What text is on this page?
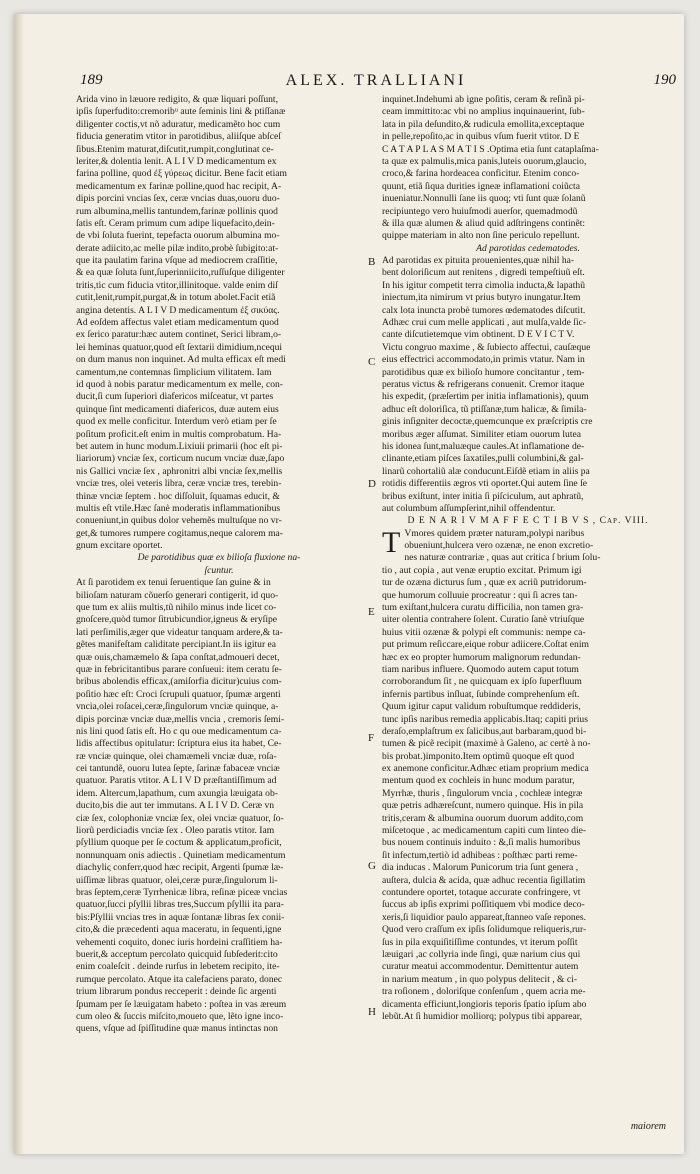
189	ALEX. TRALLIANI	190
Arida vino in læuore redigito, & quæ liquari poſſunt,
ipſis ſuperfudito:cremoribᵘ aute ſeminis lini & ptiſſanæ
diligenter coctis,vt nõ aduratur, medicamẽto hoc cum
fiducia generatim vtitor in parotidibus, aliiſque abſceſ
ſibus.Etenim maturat,diſcutit,rumpit,conglutinat ce-
leriter,& dolentia lenit. A L I V D medicamentum ex
farina polline, quod ἐξ γύρεως dicitur. Bene facit etiam
medicamentum ex farinæ polline,quod hac recipit, A-
dipis porcini vncias ſex, ceræ vncias duas,ouoru duo-
rum albumina,mellis tantundem,farinæ pollinis quod
ſatis eſt. Ceram primum cum adipe liquefacito,dein-
de vbi ſoluta fuerint, tepefacta ouorum albumina mo-
derate adiicito,ac melle pilæ indito,probè ſubigito:at-
que ita paulatim farina vſque ad mediocrem craſſitie,
& ea quæ ſoluta ſunt,ſuperinniicito,ruſſuſque diligenter
tritis,tic cum fiducia vtitor,illinitoque. valde enim diſ
cutit,lenit,rumpit,purgat,& in totum abolet.Facit etiã
angina detentis. A L I V D medicamentum ἐξ σικύας.
Ad eoſdem affectus valet etiam medicamentum quod
ex ſerico paratur:hæc autem continet, Serici libram,o-
lei heminas quatuor,quod eſt ſextarii dimidium,ncequi
on dum manus non inquinet. Ad multa efficax eſt medi
camentum,ne contemnas ſimplicium vilitatem. Iam
id quod à nobis paratur medicamentum ex melle, con-
ducit,ſi cum ſuperiori diafericos miſceatur, vt partes
quinque ſint medicamenti diafericos, duæ autem eius
quod ex melle conficitur. Interdum verò etiam per ſe
poſitum proficit.eſt enim in multis comprobatum. Ha-
bet autem in hunc modum.Lixiuii primarii (hoc eſt pi-
liariorum) vnciæ ſex, corticum nucum vnciæ duæ,ſapo
nis Gallici vnciæ ſex , aphronitri albi vnciæ ſex,mellis
vnciæ tres, olei veteris libra, ceræ vnciæ tres, terebin-
thinæ vnciæ ſeptem . hoc diſſoluit, ſquamas educit, &
multis eſt vtile.Hæc ſanè moderatis inflammationibus
conueniunt,in quibus dolor vehemẽs multuſque no vr-
get,& tumores rumpere cogitamus,neque calorem ma-
gnum excitare oportet.
De parotidibus quæ ex bilioſa fluxione na-
ſcuntur.
At ſi parotidem ex tenui ſeruentique ſan guine & in
bilioſam naturam cõuerſo generari contigerit, id quo-
que tum ex aliis multis,tũ nihilo minus inde licet co-
gnoſcere,quòd tumor ſitrubicundior,igneus & eryſipe
lati perſimilis,æger que videatur tanquam ardere,& ta-
gẽtes manifeſtam caliditate percipiant.In iis igitur ea
quæ ouis,chamæmelo & ſapa conſtat,admoueri decet,
quæ in febricitantibus parare conſueui: item ceratu ſe-
bribus abolendis efficax,(amiſorfia dicitur)cuius com-
poſitio hæc eſt: Croci ſcrupuli quatuor, ſpumæ argenti
vncia,olei roſacei,ceræ,ſingulorum vnciæ quinque, a-
dipis porcinæ vnciæ duæ,mellis vncia , cremoris ſemi-
nis lini quod ſatis eſt. Ho c qu oue medicamentum ca-
lidis affectibus opitulatur: ſcriptura eius ita habet, Ce-
ræ vnciæ quinque, olei chamæmeli vnciæ duæ, roſa-
cei tantundẽ, ouoru lutea ſepte, ſarinæ fabaceæ vnciæ
quatuor. Paratis vtitor. A L I V D præſtantiſſimum ad
idem. Altercum,lapathum, cum axungia læuigata ob-
ducito,bis die aut ter immutans. A L I V D. Ceræ vn
ciæ ſex, colophoniæ vnciæ ſex, olei vnciæ quatuor, ſo-
liorũ perdiciadis vnciæ ſex . Oleo paratis vtitor. Iam
pſyllium quoque per ſe coctum & applicatum,proficit,
nonnunquam onis adiectis . Quinetiam medicamentum
diachyliς conferr,quod hæc recipit, Argenti ſpumæ læ-
uiſſimæ libras quatuor, olei,ceræ puræ,ſingulorum li-
bras ſeptem,ceræ Tyrrhenicæ libra, reſinæ piceæ vncias
quatuor,ſucci pſyllii libras tres,Succum pſyllii ita para-
bis:Pſyllii vncias tres in aquæ ſontanæ libras ſex conii-
cito,& die præcedenti aqua maceratu, in ſequenti,igne
vehementi coquito, donec iuris hordeini craſſitiem ha-
buerit,& acceptum percolato quicquid ſubſederit:cito
enim coaleſcit . deinde rurſus in lebetem recipito, ite-
rumque percolato. Atque ita calefaciens parato, donec
trium librarum pondus recceperit : deinde ſic argenti
ſpumam per ſe læuigatam habeto : poſtea in vas æreum
cum oleo & ſuccis miſcito,moueto que, lẽto igne inco-
quens, vſque ad ſpiſſitudine quæ manus intinctas non
inquinet.Indehumi ab igne poſitis, ceram & reſinã pi-
ceam immittito:ac vbi no amplius inquinauerint, ſub-
lata in pila deſundito,& rudicula emollita,exceptaque
in pelle,repoſito,ac in quibus vſum fuerit vtitor. D E
C A T A P L A S M A T I S .Optima etia ſunt cataplaſma-
ta quæ ex palmulis,mica panis,luteis ouorum,glaucio,
croco,& farina hordeacea conficitur. Etenim conco-
quunt, etiã ſiqua durities igneæ inflamationi coiũcta
inueniatur.Nonnulli ſane iis quoq; vti ſunt quæ ſolanũ
recipiuntego vero huiuſmodi auerſor, quemadmodũ
& illa quæ alumen & aliud quid adſtringens continẽt:
quippe materiam in alto non ſine periculo repellunt.
Ad parotidas cedematodes.
Ad parotidas ex pituita prouenientes,quæ nihil ha-
bent doloriſicum aut renitens , digredi tempeſtiuũ eſt.
In his igitur competit terra cimolia inducta,& lapathũ
iniectum,ita nimirum vt prius butyro inungatur.Item
calx lota inuncta probè tumores œdematodes diſcutit.
Adhæc crui cum melle applicati , aut mulſa,valde ſic-
cante diſcutietemque vim obtinent. D E V I C T V.
Victu congruo maxime , & ſubiecto affectui, cauſæque
eius effectrici accommodato,in primis vtatur. Nam in
parotidibus quæ ex bilioſo humore concitantur , tem-
peratus victus & refrigerans conuenit. Cremor itaque
his expedit, (præſertim per initia inflamationis), quum
adhuc eſt doloriſica, tũ ptiſſanæ,tum halicæ, & ſimila-
ginis inſigniter decoctæ,quemcunque ex præſcriptis cre
moribus æger aſſumat. Similiter etiam ouorum lutea
his idonea ſunt,maluæque caules.At inflamatione de-
clinante,etiam piſces ſaxatiles,pulli columbini,& gal-
linarũ cohortaliũ alæ conducunt.Eiſdẽ etiam in aliis pa
rotidis differentiis ægros vti oportet.Qui autem ſine ſe
bribus exiſtunt, inter initia ſi piſciculum, aut aphratũ,
aut columbum aſſumpſerint,nihil offendentur.
D E N A R I V M A F F E C T I B V S , Cap. VIII.
T Vmores quidem præter naturam,polypi naribus
obueniunt,hulcera vero ozænæ, ne enon excretio-
nes naturæ contrariæ , quas aut critica ſ brium ſolu-
tio , aut copia , aut venæ eruptio excitat. Primum igi
tur de ozæna dicturus ſum , quæ ex acriũ putridorum-
que humorum colluuie procreatur : qui ſi acres tan-
tum exiſtant,hulcera curatu difficilia, non tamen gra-
uiter olentia contrahere ſolent. Curatio ſanè vtriuſque
huius vitii ozænæ & polypi eſt communis: nempe ca-
put primum reſiccare,eique robur adiicere.Coſtat enim
hæc ex eo propter humorum malignorum redundan-
tiam naribus influere. Quomodo autem caput totum
corroborandum ſit , ne quicquam ex ipſo ſuperfluum
infernis partibus inſluat, ſubinde comprehenſum eſt.
Quum igitur caput validum robuſtumque reddideris,
tunc ipſis naribus remedia applicabis.Itaq; capiti prius
deraſo,emplaſtrum ex ſalicibus,aut barbaram,quod bi-
tumen & picẽ recipit (maximè à Galeno, ac certè à no-
bis probat.)imponito.Item optimũ quoque eſt quod
ex anemone conficitur.Adhæc etiam proprium medica
mentum quod ex cochleis in hunc modum paratur,
Myrrhæ, thuris , ſingulorum vncia , cochleæ integræ
quæ petris adhæreſcunt, numero quinque. His in pila
tritis,ceram & albumina ouorum duorum addito,com
miſcetoque , ac medicamentum capiti cum linteo die-
bus nouem continuis induito : &,ſi malis humoribus
ſit infectum,tertiò id adhibeas : poſthæc parti reme-
dia inducas . Malorum Punicorum tria ſunt genera ,
auſtera, dulcia & acida, quæ adhuc recentia ſigillatim
contundere oportet, totaque accurate confringere, vt
ſuccus ab ipſis exprimi poſſitiquem vbi modice deco-
xeris,ſi liquidior paulo appareat,ſtanneo vaſe repones.
Quod vero craſſum ex ipſis ſolidumque reliqueris,rur-
ſus in pila exquiſitiſſime contundes, vt iterum poſſit
læuigari ,ac collyria inde ſingi, quæ narium cius qui
curatur meatui accommodentur. Demittentur autem
in narium meatum , in quo polypus delitecit , & ci-
tra roſionem , doloriſque conſenſum , quem acria me-
dicamenta efficiunt,longioris teporis ſpatio ipſum abo
lebũt.At ſi humidior molliorq; polypus tibi apparear,
B
C
D
E
F
G
H
maiorem
